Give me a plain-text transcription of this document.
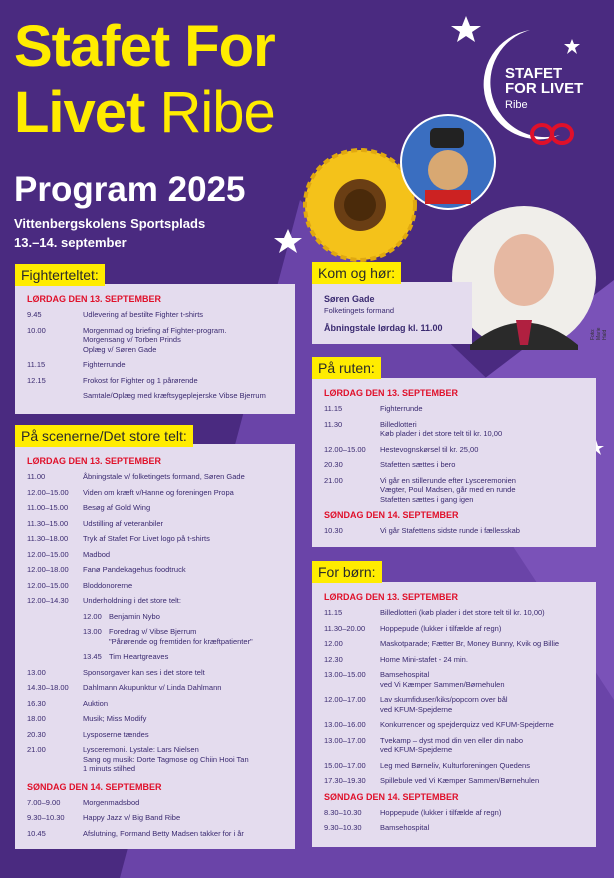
Stafet For
Livet Ribe
Program 2025
Vittenbergskolens Sportsplads
13.–14. september
STAFET
FOR LIVET
Ribe
Foto: Marie Hald
LØRDAG DEN 13. SEPTEMBER
9.45	Udlevering af bestilte Fighter t-shirts
10.00	Morgenmad og briefing af Fighter-program.
Morgensang v/ Torben Prinds
Oplæg v/ Søren Gade
11.15	Fighterrunde
12.15	Frokost for Fighter og 1 pårørende
Samtale/Oplæg med kræftsygeplejerske Vibse Bjerrum
Fighterteltet:
LØRDAG DEN 13. SEPTEMBER
11.00	Åbningstale v/ folketingets formand, Søren Gade
12.00–15.00	Viden om kræft v/Hanne og foreningen Propa
11.00–15.00	Besøg af Gold Wing
11.30–15.00	Udstilling af veteranbiler
11.30–18.00	Tryk af Stafet For Livet logo på t-shirts
12.00–15.00	Madbod
12.00–18.00	Fanø Pandekagehus foodtruck
12.00–15.00	Bloddonorerne
12.00–14.30	Underholdning i det store telt:
12.00 Benjamin Nybo
13.00 Foredrag v/ Vibse Bjerrum
"Pårørende og fremtiden for kræftpatienter"
13.45 Tim Heartgreaves
13.00	Sponsorgaver kan ses i det store telt
14.30–18.00	Dahlmann Akupunktur v/ Linda Dahlmann
16.30	Auktion
18.00	Musik; Miss Modify
20.30	Lysposerne tændes
21.00	Lysceremoni. Lystale: Lars Nielsen
Sang og musik: Dorte Tagmose og Chiin Hooi Tan
1 minuts stilhed
SØNDAG DEN 14. SEPTEMBER
7.00–9.00	Morgenmadsbod
9.30–10.30	Happy Jazz v/ Big Band Ribe
10.45	Afslutning, Formand Betty Madsen takker for i år
På scenerne/Det store telt:
Søren Gade
Folketingets formand
Åbningstale lørdag kl. 11.00
Kom og hør:
LØRDAG DEN 13. SEPTEMBER
11.15	Fighterrunde
11.30	Billedlotteri
Køb plader i det store telt til kr. 10,00
12.00–15.00	Hestevognskørsel til kr. 25,00
20.30	Stafetten sættes i bero
21.00	Vi går en stillerunde efter Lysceremonien
Vægter, Poul Madsen, går med en runde
Stafetten sættes i gang igen
SØNDAG DEN 14. SEPTEMBER
10.30	Vi går Stafettens sidste runde i fællesskab
På ruten:
LØRDAG DEN 13. SEPTEMBER
11.15	Billedlotteri (køb plader i det store telt til kr. 10,00)
11.30–20.00	Hoppepude (lukker i tilfælde af regn)
12.00	Maskotparade; Fætter Br, Money Bunny, Kvik og Billie
12.30	Home Mini-stafet - 24 min.
13.00–15.00	Bamsehospital
ved Vi Kæmper Sammen/Børnehulen
12.00–17.00	Lav skumfiduser/kiks/popcorn over bål
ved KFUM-Spejderne
13.00–16.00	Konkurrencer og spejderquizz ved KFUM-Spejderne
13.00–17.00	Tvekamp – dyst mod din ven eller din nabo
ved KFUM-Spejderne
15.00–17.00	Leg med Børneliv, Kulturforeningen Quedens
17.30–19.30	Spillebule ved Vi Kæmper Sammen/Børnehulen
SØNDAG DEN 14. SEPTEMBER
8.30–10.30	Hoppepude (lukker i tilfælde af regn)
9.30–10.30	Bamsehospital
For børn:
